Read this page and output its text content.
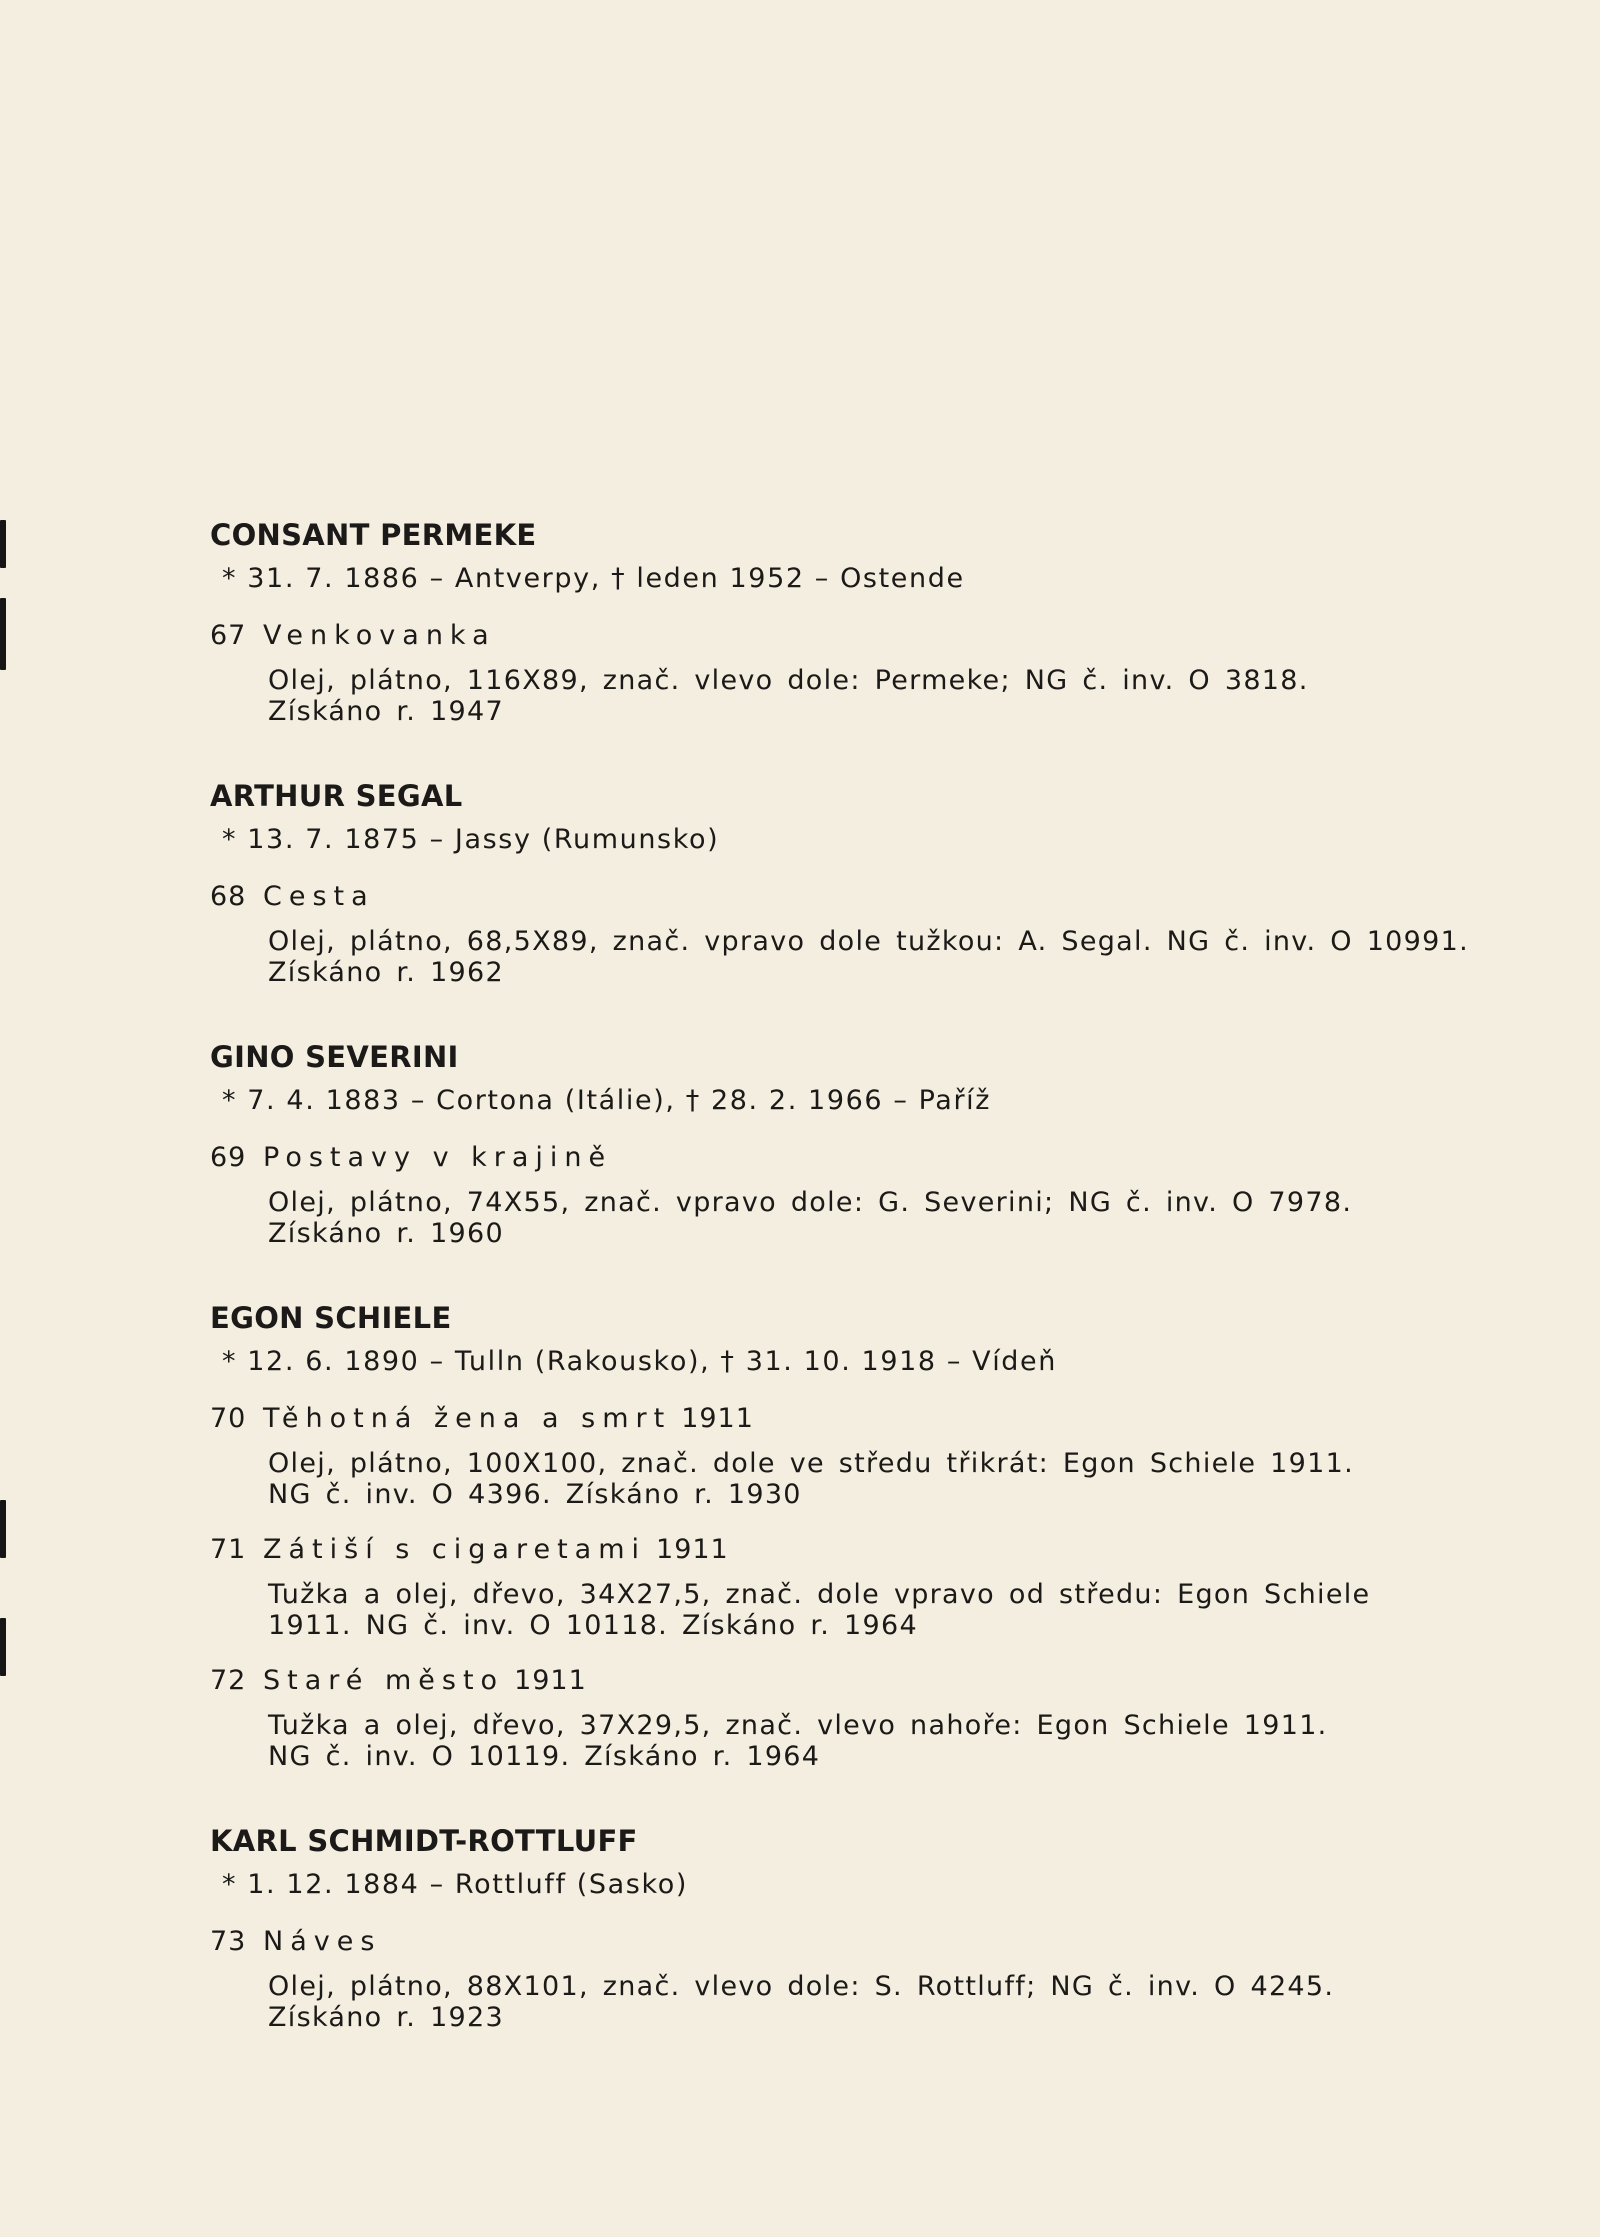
CONSANT PERMEKE
* 31. 7. 1886 – Antverpy, † leden 1952 – Ostende
67 Venkovanka
Olej, plátno, 116X89, znač. vlevo dole: Permeke; NG č. inv. O 3818.
Získáno r. 1947
ARTHUR SEGAL
* 13. 7. 1875 – Jassy (Rumunsko)
68 Cesta
Olej, plátno, 68,5X89, znač. vpravo dole tužkou: A. Segal. NG č. inv. O 10991.
Získáno r. 1962
GINO SEVERINI
* 7. 4. 1883 – Cortona (Itálie), † 28. 2. 1966 – Paříž
69 Postavy v krajině
Olej, plátno, 74X55, znač. vpravo dole: G. Severini; NG č. inv. O 7978.
Získáno r. 1960
EGON SCHIELE
* 12. 6. 1890 – Tulln (Rakousko), † 31. 10. 1918 – Vídeň
70 Těhotná žena a smrt 1911
Olej, plátno, 100X100, znač. dole ve středu třikrát: Egon Schiele 1911.
NG č. inv. O 4396. Získáno r. 1930
71 Zátiší s cigaretami 1911
Tužka a olej, dřevo, 34X27,5, znač. dole vpravo od středu: Egon Schiele
1911. NG č. inv. O 10118. Získáno r. 1964
72 Staré město 1911
Tužka a olej, dřevo, 37X29,5, znač. vlevo nahoře: Egon Schiele 1911.
NG č. inv. O 10119. Získáno r. 1964
KARL SCHMIDT-ROTTLUFF
* 1. 12. 1884 – Rottluff (Sasko)
73 Náves
Olej, plátno, 88X101, znač. vlevo dole: S. Rottluff; NG č. inv. O 4245.
Získáno r. 1923
